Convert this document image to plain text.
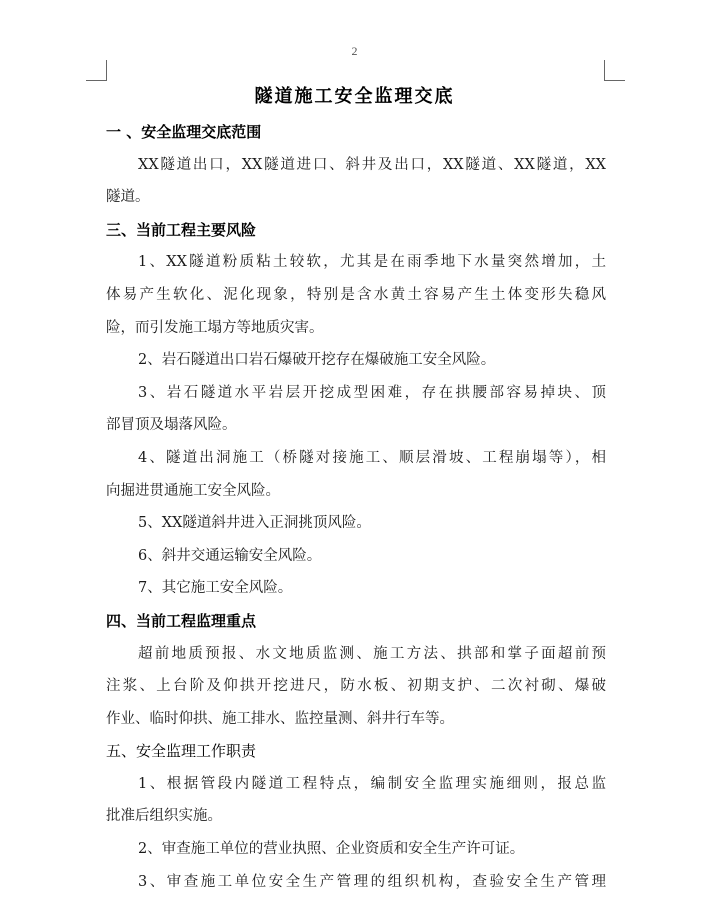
2
隧道施工安全监理交底
一 、安全监理交底范围
XX隧道出口，XX隧道进口、斜井及出口，XX隧道、XX隧道，XX
隧道。
三、当前工程主要风险
1、XX隧道粉质粘土较软，尤其是在雨季地下水量突然增加，土
体易产生软化、泥化现象，特别是含水黄土容易产生土体变形失稳风
险，而引发施工塌方等地质灾害。
2、岩石隧道出口岩石爆破开挖存在爆破施工安全风险。
3、岩石隧道水平岩层开挖成型困难，存在拱腰部容易掉块、顶
部冒顶及塌落风险。
4、隧道出洞施工（桥隧对接施工、顺层滑坡、工程崩塌等），相
向掘进贯通施工安全风险。
5、XX隧道斜井进入正洞挑顶风险。
6、斜井交通运输安全风险。
7、其它施工安全风险。
四、当前工程监理重点
超前地质预报、水文地质监测、施工方法、拱部和掌子面超前预
注浆、上台阶及仰拱开挖进尺，防水板、初期支护、二次衬砌、爆破
作业、临时仰拱、施工排水、监控量测、斜井行车等。
五、安全监理工作职责
1、根据管段内隧道工程特点，编制安全监理实施细则，报总监
批准后组织实施。
2、审查施工单位的营业执照、企业资质和安全生产许可证。
3、审查施工单位安全生产管理的组织机构，查验安全生产管理
